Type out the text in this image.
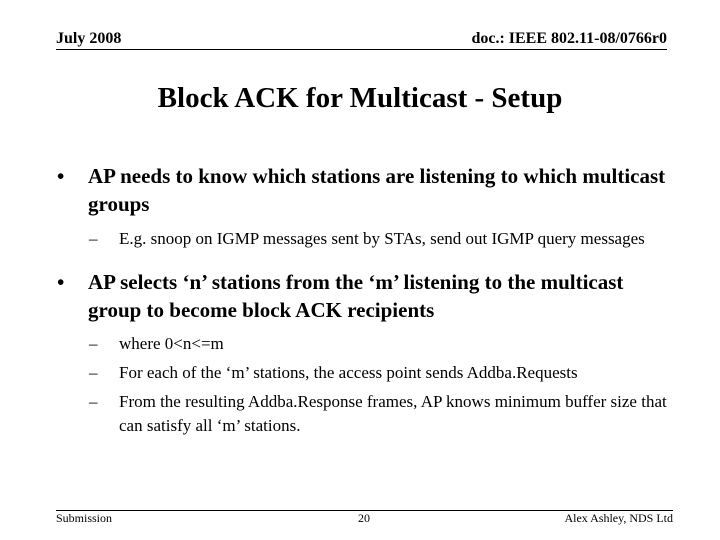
July 2008	doc.: IEEE 802.11-08/0766r0
Block ACK for Multicast - Setup
• AP needs to know which stations are listening to which multicast groups
– E.g. snoop on IGMP messages sent by STAs, send out IGMP query messages
• AP selects ‘n’ stations from the ‘m’ listening to the multicast group to become block ACK recipients
– where 0<n<=m
– For each of the ‘m’ stations, the access point sends Addba.Requests
– From the resulting Addba.Response frames, AP knows minimum buffer size that can satisfy all ‘m’ stations.
Submission	20	Alex Ashley, NDS Ltd
